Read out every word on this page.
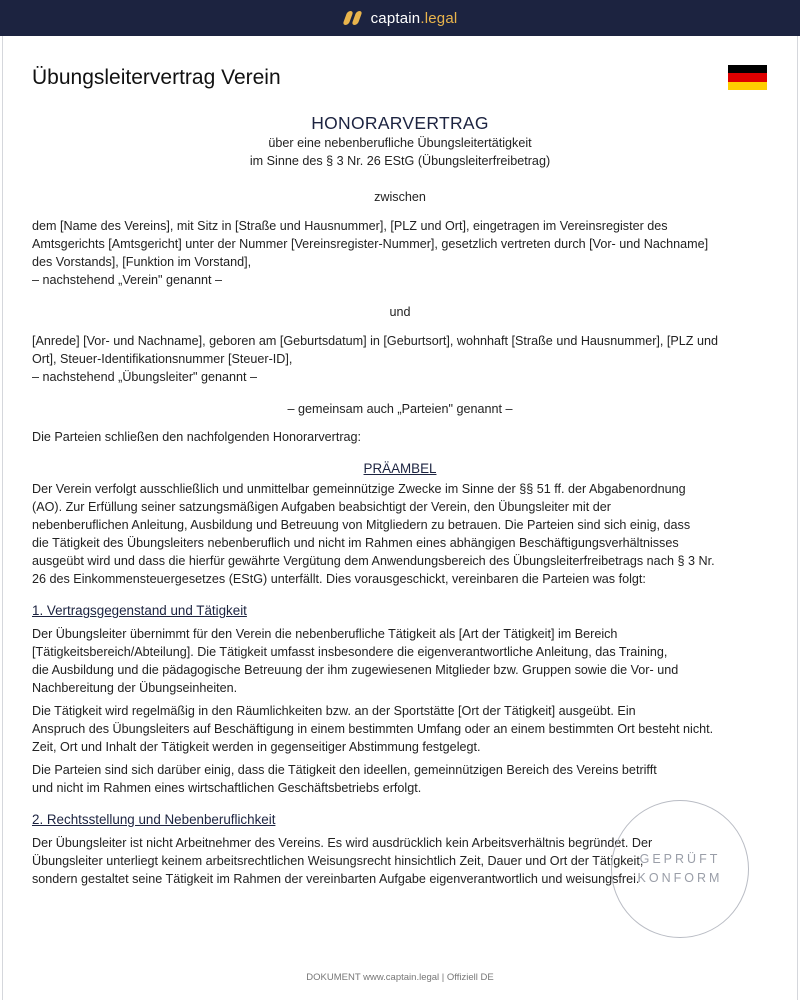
captain.legal
Übungsleitervertrag Verein

HONORARVERTRAG

über eine nebenberufliche Übungsleitertätigkeit

im Sinne des § 3 Nr. 26 EStG (Übungsleiterfreibetrag)

zwischen

dem [Name des Vereins], mit Sitz in [Straße und Hausnummer], [PLZ und Ort], eingetragen im Vereinsregister des

Amtsgerichts [Amtsgericht] unter der Nummer [Vereinsregister-Nummer], gesetzlich vertreten durch [Vor- und Nachname]

des Vorstands], [Funktion im Vorstand],

– nachstehend „Verein" genannt –

und

[Anrede] [Vor- und Nachname], geboren am [Geburtsdatum] in [Geburtsort], wohnhaft [Straße und Hausnummer], [PLZ und

Ort], Steuer-Identifikationsnummer [Steuer-ID],

– nachstehend „Übungsleiter" genannt –

– gemeinsam auch „Parteien" genannt –

Die Parteien schließen den nachfolgenden Honorarvertrag:

PRÄAMBEL

Der Verein verfolgt ausschließlich und unmittelbar gemeinnützige Zwecke im Sinne der §§ 51 ff. der Abgabenordnung

(AO). Zur Erfüllung seiner satzungsmäßigen Aufgaben beabsichtigt der Verein, den Übungsleiter mit der

nebenberuflichen Anleitung, Ausbildung und Betreuung von Mitgliedern zu betrauen. Die Parteien sind sich einig, dass

die Tätigkeit des Übungsleiters nebenberuflich und nicht im Rahmen eines abhängigen Beschäftigungsverhältnisses

ausgeübt wird und dass die hierfür gewährte Vergütung dem Anwendungsbereich des Übungsleiterfreibetrags nach § 3 Nr.

26 des Einkommensteuergesetzes (EStG) unterfällt. Dies vorausgeschickt, vereinbaren die Parteien was folgt:

1. Vertragsgegenstand und Tätigkeit

Der Übungsleiter übernimmt für den Verein die nebenberufliche Tätigkeit als [Art der Tätigkeit] im Bereich

[Tätigkeitsbereich/Abteilung]. Die Tätigkeit umfasst insbesondere die eigenverantwortliche Anleitung, das Training,

die Ausbildung und die pädagogische Betreuung der ihm zugewiesenen Mitglieder bzw. Gruppen sowie die Vor- und

Nachbereitung der Übungseinheiten.

Die Tätigkeit wird regelmäßig in den Räumlichkeiten bzw. an der Sportstätte [Ort der Tätigkeit] ausgeübt. Ein

Anspruch des Übungsleiters auf Beschäftigung in einem bestimmten Umfang oder an einem bestimmten Ort besteht nicht.

Zeit, Ort und Inhalt der Tätigkeit werden in gegenseitiger Abstimmung festgelegt.

Die Parteien sind sich darüber einig, dass die Tätigkeit den ideellen, gemeinnützigen Bereich des Vereins betrifft

und nicht im Rahmen eines wirtschaftlichen Geschäftsbetriebs erfolgt.

2. Rechtsstellung und Nebenberuflichkeit

Der Übungsleiter ist nicht Arbeitnehmer des Vereins. Es wird ausdrücklich kein Arbeitsverhältnis begründet. Der

Übungsleiter unterliegt keinem arbeitsrechtlichen Weisungsrecht hinsichtlich Zeit, Dauer und Ort der Tätigkeit,

sondern gestaltet seine Tätigkeit im Rahmen der vereinbarten Aufgabe eigenverantwortlich und weisungsfrei.

GEPRÜFT
KONFORM
DOKUMENT www.captain.legal | Offiziell DE
